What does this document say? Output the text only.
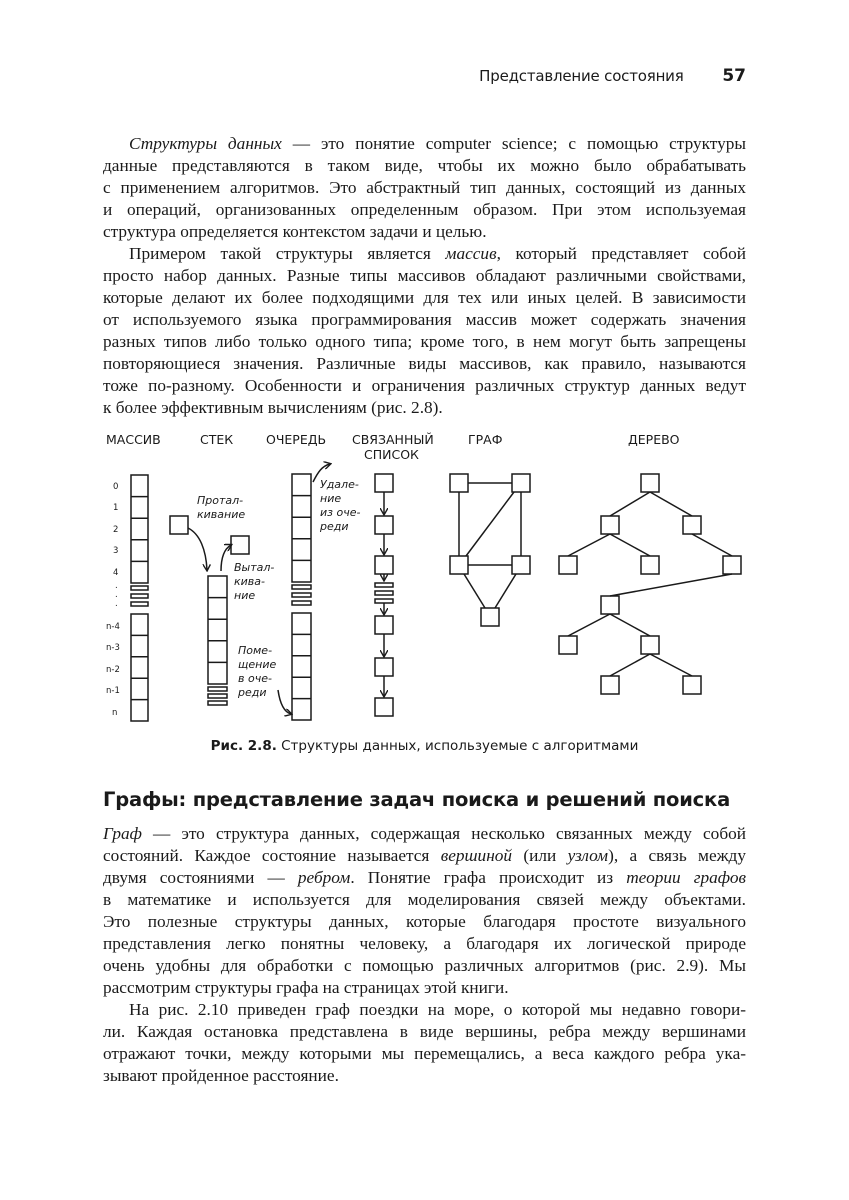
Представление состояния 57
Структуры данных — это понятие computer science; с помощью структуры
данные представляются в таком виде, чтобы их можно было обрабатывать
с применением алгоритмов. Это абстрактный тип данных, состоящий из данных
и операций, организованных определенным образом. При этом используемая
структура определяется контекстом задачи и целью.
Примером такой структуры является массив, который представляет собой
просто набор данных. Разные типы массивов обладают различными свойствами,
которые делают их более подходящими для тех или иных целей. В зависимости
от используемого языка программирования массив может содержать значения
разных типов либо только одного типа; кроме того, в нем могут быть запрещены
повторяющиеся значения. Различные виды массивов, как правило, называются
тоже по-разному. Особенности и ограничения различных структур данных ведут
к более эффективным вычислениям (рис. 2.8).
МАССИВ	СТЕК	ОЧЕРЕДЬ СВЯЗАННЫЙ
СПИСОК
ГРАФ	ДЕРЕВО
0
1
2
3
4
.
.
.
n-4
n-3
n-2
n-1
n
Протал-
кивание
Вытал-
кива-
ние
Удале-
ние
из оче-
реди
Поме-
щение
в оче-
реди
Рис. 2.8. Структуры данных, используемые с алгоритмами
Графы: представление задач поиска и решений поиска
Граф — это структура данных, содержащая несколько связанных между собой
состояний. Каждое состояние называется вершиной (или узлом), а связь между
двумя состояниями — ребром. Понятие графа происходит из теории графов
в математике и используется для моделирования связей между объектами.
Это полезные структуры данных, которые благодаря простоте визуального
представления легко понятны человеку, а благодаря их логической природе
очень удобны для обработки с помощью различных алгоритмов (рис. 2.9). Мы
рассмотрим структуры графа на страницах этой книги.
На рис. 2.10 приведен граф поездки на море, о которой мы недавно говори-
ли. Каждая остановка представлена в виде вершины, ребра между вершинами
отражают точки, между которыми мы перемещались, а веса каждого ребра ука-
зывают пройденное расстояние.
